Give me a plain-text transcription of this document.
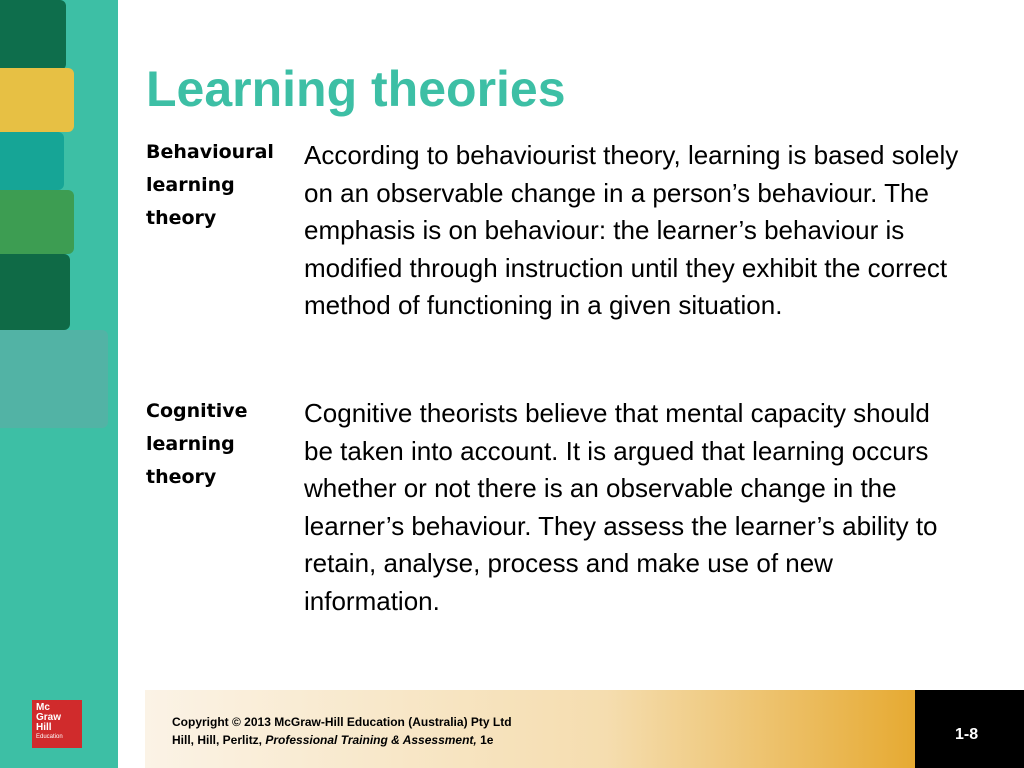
Mc
Graw
Hill
Education
Learning theories
Behavioural learning theory
According to behaviourist theory, learning is based solely on an observable change in a person’s behaviour. The emphasis is on behaviour: the learner’s behaviour is modified through instruction until they exhibit the correct method of functioning in a given situation.
Cognitive learning theory
Cognitive theorists believe that mental capacity should be taken into account. It is argued that learning occurs whether or not there is an observable change in the learner’s behaviour. They assess the learner’s ability to retain, analyse, process and make use of new information.
Copyright © 2013 McGraw-Hill Education (Australia) Pty Ltd
Hill, Hill, Perlitz, Professional Training & Assessment, 1e	1-8
